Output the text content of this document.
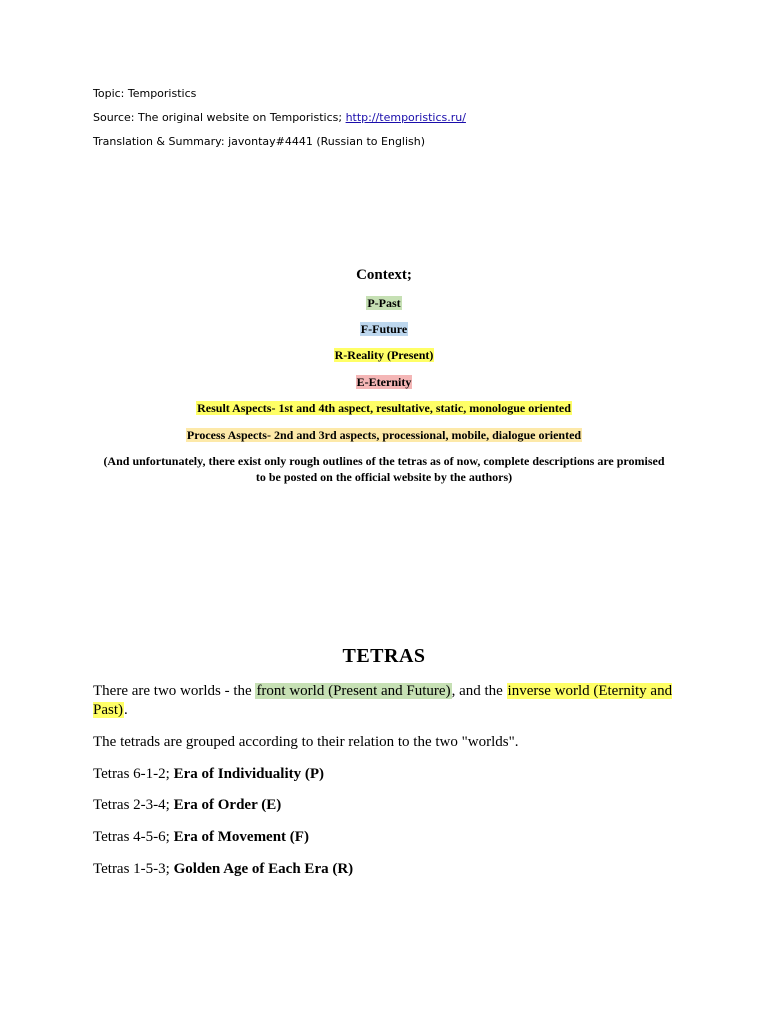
Topic: Temporistics
Source: The original website on Temporistics; http://temporistics.ru/
Translation & Summary: javontay#4441 (Russian to English)
Context;
P-Past
F-Future
R-Reality (Present)
E-Eternity
Result Aspects- 1st and 4th aspect, resultative, static, monologue oriented
Process Aspects- 2nd and 3rd aspects, processional, mobile, dialogue oriented
(And unfortunately, there exist only rough outlines of the tetras as of now, complete descriptions are promised to be posted on the official website by the authors)
TETRAS
There are two worlds - the front world (Present and Future), and the inverse world (Eternity and Past).
The tetrads are grouped according to their relation to the two "worlds".
Tetras 6-1-2; Era of Individuality (P)
Tetras 2-3-4; Era of Order (E)
Tetras 4-5-6; Era of Movement (F)
Tetras 1-5-3; Golden Age of Each Era (R)
